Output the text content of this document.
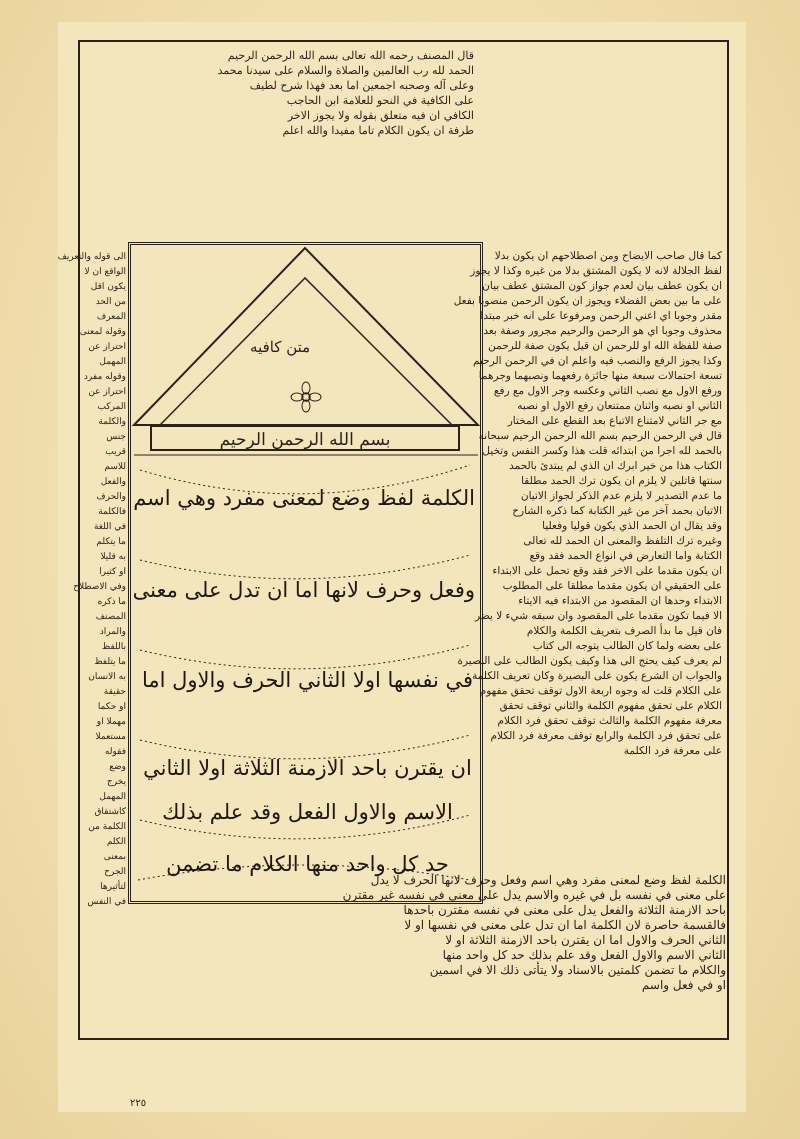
قال المصنف رحمه الله تعالى بسم الله الرحمن الرحيم
الحمد لله رب العالمين والصلاة والسلام على سيدنا محمد
وعلى آله وصحبه اجمعين اما بعد فهذا شرح لطيف
على الكافية في النحو للعلامة ابن الحاجب
الكافي ان فيه متعلق بقوله ولا يجوز الاخر
طرفة ان يكون الكلام تاما مفيدا والله اعلم
كما قال صاحب الايضاح ومن اصطلاحهم ان يكون بدلا
لفظ الجلالة لانه لا يكون المشتق بدلا من غيره وكذا لا يجوز
ان يكون عطف بيان لعدم جواز كون المشتق عطف بيان
على ما بين بعض الفضلاء ويجوز ان يكون الرحمن منصوبا بفعل
مقدر وجوبا اي اعني الرحمن ومرفوعا على انه خبر مبتدا
محذوف وجوبا اي هو الرحمن والرحيم مجرور وصفة بعد
صفة للفظة الله او للرحمن ان قيل يكون صفة للرحمن
وكذا يجوز الرفع والنصب فيه واعلم ان في الرحمن الرحيم
تسعة احتمالات سبعة منها جائزة رفعهما ونصبهما وجرهما
ورفع الاول مع نصب الثاني وعكسه وجر الاول مع رفع
الثاني او نصبه واثنان ممتنعان رفع الاول او نصبه
مع جر الثاني لامتناع الاتباع بعد القطع على المختار
قال في الرحمن الرحيم بسم الله الرحمن الرحيم سبحانه
بالحمد لله اجرا من ابتدائه قلت هذا وكسر النفس وتخيل
الكتاب هذا من خير ابرك ان الذي لم يبتدئ بالحمد
سنتها قاتلين لا يلزم ان يكون ترك الحمد مطلقا
ما عدم التصدير لا يلزم عدم الذكر لجواز الاتيان
الاتيان بحمد آخر من غير الكتابة كما ذكره الشارح
وقد يقال ان الحمد الذي يكون قوليا وفعليا
وغيره ترك التلفظ والمعنى ان الحمد لله تعالى
الكتابة واما التعارض في انواع الحمد فقد وقع
ان يكون مقدما على الاخر فقد وقع تحمل على الابتداء
على الحقيقي ان يكون مقدما مطلقا على المطلوب
الابتداء وحدها ان المقصود من الابتداء فيه الايتاء
الا فيما تكون مقدما على المقصود وان سبقه شيء لا يضر
فان قيل ما بدأ الصرف بتعريف الكلمة والكلام
على بعضه ولما كان الطالب يتوجه الى كتاب
لم يعرف كيف يحتج الى هذا وكيف يكون الطالب على البصيرة
والجواب ان الشرع يكون على البصيرة وكان تعريف الكلمة
على الكلام قلت له وجوه اربعة الاول توقف تحقق مفهوم
الكلام على تحقق مفهوم الكلمة والثاني توقف تحقق
معرفة مفهوم الكلمة والثالث توقف تحقق فرد الكلام
على تحقق فرد الكلمة والرابع توقف معرفة فرد الكلام
على معرفة فرد الكلمة
الى قوله والتعريف
الواقع ان لا
يكون اقل
من الحد
المعرف
وقوله لمعنى
احتراز عن
المهمل
وقوله مفرد
احتراز عن
المركب
والكلمة
جنس
قريب
للاسم
والفعل
والحرف
فالكلمة
في اللغة
ما يتكلم
به قليلا
او كثيرا
وفي الاصطلاح
ما ذكره
المصنف
والمراد
باللفظ
ما يتلفظ
به الانسان
حقيقة
او حكما
مهملا او
مستعملا
فقوله
وضع
يخرج
المهمل
كاشتقاق
الكلمة من
الكلم
بمعنى
الجرح
لتأثيرها
في النفس
الكلمة لفظ وضع لمعنى مفرد وهي اسم وفعل وحرف لانها الحرف لا يدل
على معنى في نفسه بل في غيره والاسم يدل على معنى في نفسه غير مقترن
باحد الازمنة الثلاثة والفعل يدل على معنى في نفسه مقترن باحدها
فالقسمة حاصرة لان الكلمة اما ان تدل على معنى في نفسها او لا
الثاني الحرف والاول اما ان يقترن باحد الازمنة الثلاثة او لا
الثاني الاسم والاول الفعل وقد علم بذلك حد كل واحد منها
والكلام ما تضمن كلمتين بالاسناد ولا يتأتى ذلك الا في اسمين
او في فعل واسم
متن كافيه
بسم الله الرحمن الرحيم
الكلمة لفظ وضع لمعنى مفرد وهي اسم
وفعل وحرف لانها اما ان تدل على معنى
في نفسها اولا الثاني الحرف والاول اما
ان يقترن باحد الازمنة الثلاثة اولا الثاني
الاسم والاول الفعل وقد علم بذلك
حد كل واحد منها الكلام ما تضمن
٢٢٥
